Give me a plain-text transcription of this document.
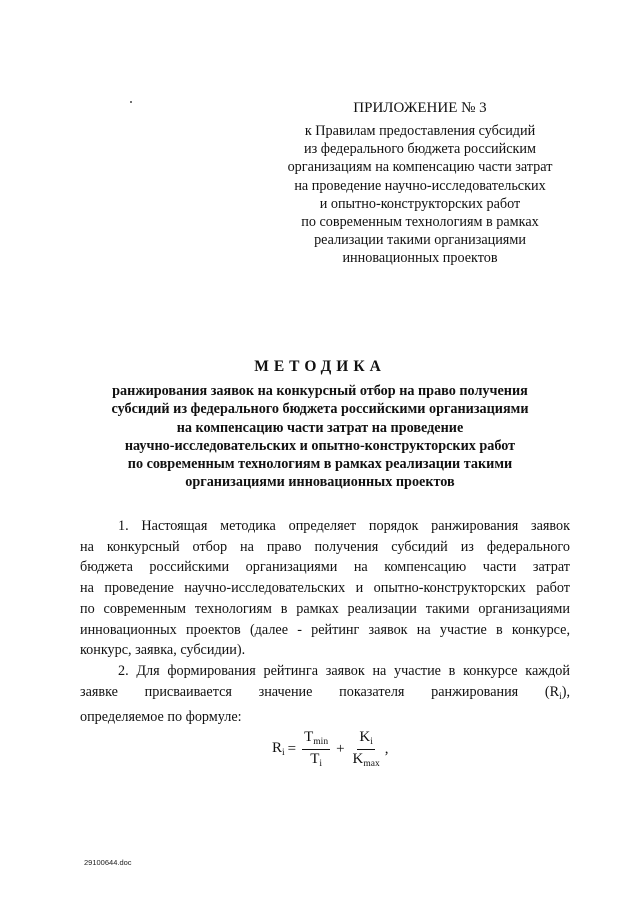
ПРИЛОЖЕНИЕ № 3
к Правилам предоставления субсидий
из федерального бюджета российским
организациям на компенсацию части затрат
на проведение научно-исследовательских
и опытно-конструкторских работ
по современным технологиям в рамках
реализации такими организациями
инновационных проектов
МЕТОДИКА
ранжирования заявок на конкурсный отбор на право получения
субсидий из федерального бюджета российскими организациями
на компенсацию части затрат на проведение
научно-исследовательских и опытно-конструкторских работ
по современным технологиям в рамках реализации такими
организациями инновационных проектов
1. Настоящая методика определяет порядок ранжирования заявок
на конкурсный отбор на право получения субсидий из федерального
бюджета российскими организациями на компенсацию части затрат
на проведение научно-исследовательских и опытно-конструкторских работ
по современным технологиям в рамках реализации такими организациями
инновационных проектов (далее - рейтинг заявок на участие в конкурсе,
конкурс, заявка, субсидии).
2. Для формирования рейтинга заявок на участие в конкурсе каждой
заявке присваивается значение показателя ранжирования $(R_i)$,
определяемое по формуле:
$R_i = \frac{T_{min}}{T_i} + \frac{K_i}{K_{max}}$ ,
29100644.doc
